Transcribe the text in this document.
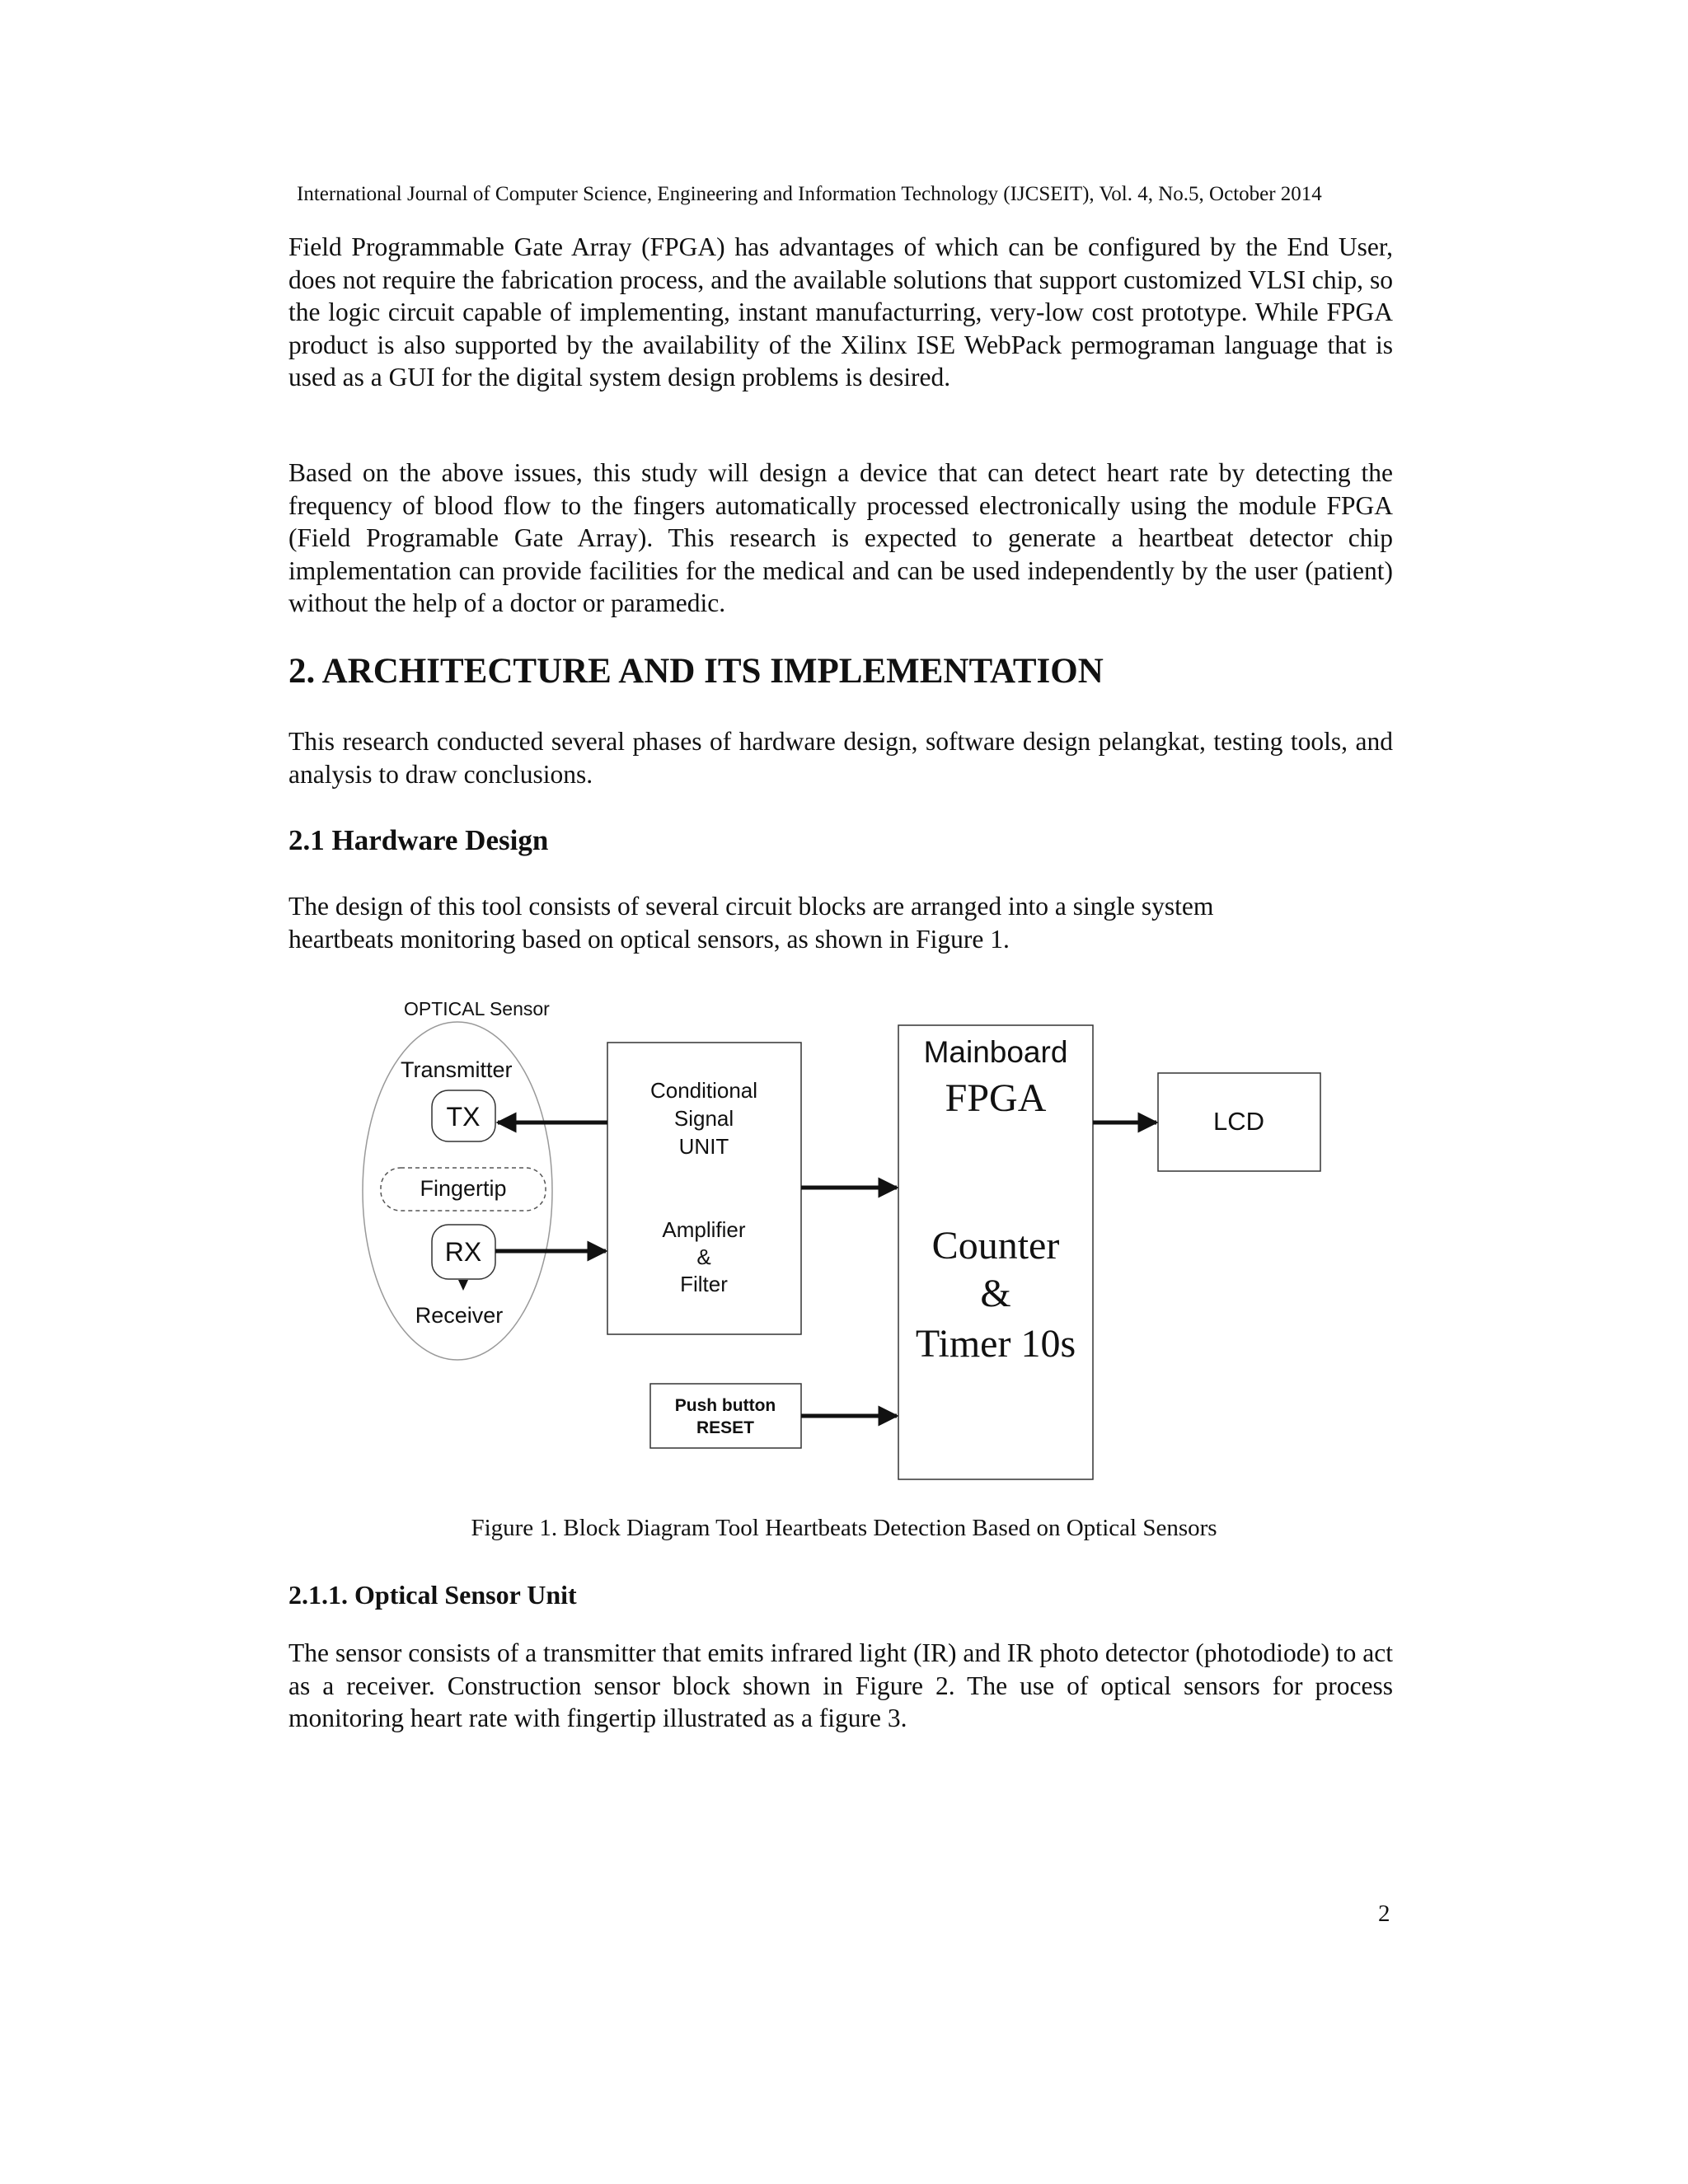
International Journal of Computer Science, Engineering and Information Technology (IJCSEIT), Vol. 4, No.5, October 2014

Field Programmable Gate Array (FPGA) has advantages of which can be configured by the End User, does not require the fabrication process, and the available solutions that support customized VLSI chip, so the logic circuit capable of implementing, instant manufacturring, very-low cost prototype. While FPGA product is also supported by the availability of the Xilinx ISE WebPack permograman language that is used as a GUI for the digital system design problems is desired.

Based on the above issues, this study will design a device that can detect heart rate by detecting the frequency of blood flow to the fingers automatically processed electronically using the module FPGA (Field Programable Gate Array). This research is expected to generate a heartbeat detector chip implementation can provide facilities for the medical and can be used independently by the user (patient) without the help of a doctor or paramedic.

2. ARCHITECTURE AND ITS IMPLEMENTATION

This research conducted several phases of hardware design, software design pelangkat, testing tools, and analysis to draw conclusions.

2.1 Hardware Design

The design of this tool consists of several circuit blocks are arranged into a single system heartbeats monitoring based on optical sensors, as shown in Figure 1.

OPTICAL Sensor
Transmitter
TX
Fingertip
RX
Receiver
Conditional
Signal
UNIT
Amplifier
&
Filter
Push button
RESET
Mainboard
FPGA
Counter
&
Timer 10s
LCD
Figure 1. Block Diagram Tool Heartbeats Detection Based on Optical Sensors
2.1.1. Optical Sensor Unit

The sensor consists of a transmitter that emits infrared light (IR) and IR photo detector (photodiode) to act as a receiver. Construction sensor block shown in Figure 2. The use of optical sensors for process monitoring heart rate with fingertip illustrated as a figure 3.

2
